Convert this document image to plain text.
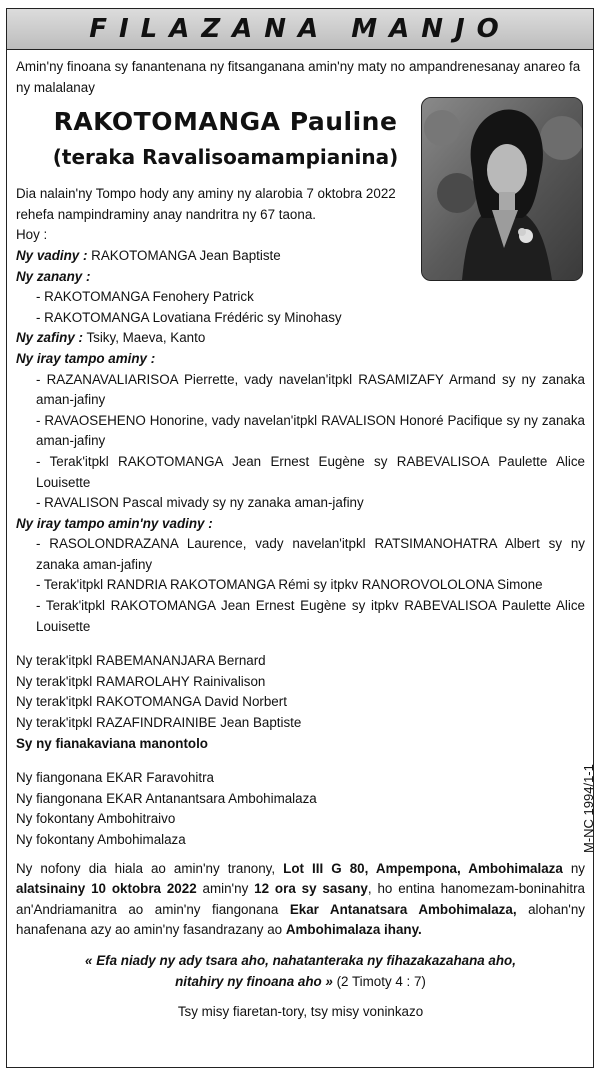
FILAZANA MANJO
M-NC 1994/1-1

Amin'ny finoana sy fanantenana ny fitsanganana amin'ny maty no ampandrenesanay anareo fa ny malalanay

RAKOTOMANGA Pauline
(teraka Ravalisoamampianina)
Dia nalain'ny Tompo hody any aminy ny alarobia 7 oktobra 2022 rehefa nampindraminy anay nandritra ny 67 taona.
Hoy :
Ny vadiny : RAKOTOMANGA Jean Baptiste
Ny zanany :
- RAKOTOMANGA Fenohery Patrick
- RAKOTOMANGA Lovatiana Frédéric sy Minohasy
Ny zafiny : Tsiky, Maeva, Kanto
Ny iray tampo aminy :
- RAZANAVALIARISOA Pierrette, vady navelan'itpkl RASAMIZAFY Armand sy ny zanaka aman-jafiny
- RAVAOSEHENO Honorine, vady navelan'itpkl RAVALISON Honoré Pacifique sy ny zanaka aman-jafiny
- Terak'itpkl RAKOTOMANGA Jean Ernest Eugène sy RABEVALISOA Paulette Alice Louisette
- RAVALISON Pascal mivady sy ny zanaka aman-jafiny
Ny iray tampo amin'ny vadiny :
- RASOLONDRAZANA Laurence, vady navelan'itpkl RATSIMANOHATRA Albert sy ny zanaka aman-jafiny
- Terak'itpkl RANDRIA RAKOTOMANGA Rémi sy itpkv RANOROVOLOLONA Simone
- Terak'itpkl RAKOTOMANGA Jean Ernest Eugène sy itpkv RABEVALISOA Paulette Alice Louisette
Ny terak'itpkl RABEMANANJARA Bernard
Ny terak'itpkl RAMAROLAHY Rainivalison
Ny terak'itpkl RAKOTOMANGA David Norbert
Ny terak'itpkl RAZAFINDRAINIBE Jean Baptiste
Sy ny fianakaviana manontolo
Ny fiangonana EKAR Faravohitra
Ny fiangonana EKAR Antanantsara Ambohimalaza
Ny fokontany Ambohitraivo
Ny fokontany Ambohimalaza
Ny nofony dia hiala ao amin'ny tranony, Lot III G 80, Ampempona, Ambohimalaza ny alatsinainy 10 oktobra 2022 amin'ny 12 ora sy sasany, ho entina hanomezam-boninahitra an'Andriamanitra ao amin'ny fiangonana Ekar Antanatsara Ambohimalaza, alohan'ny hanafenana azy ao amin'ny fasandrazany ao Ambohimalaza ihany.
« Efa niady ny ady tsara aho, nahatanteraka ny fihazakazahana aho,
nitahiry ny finoana aho » (2 Timoty 4 : 7)
Tsy misy fiaretan-tory, tsy misy voninkazo
